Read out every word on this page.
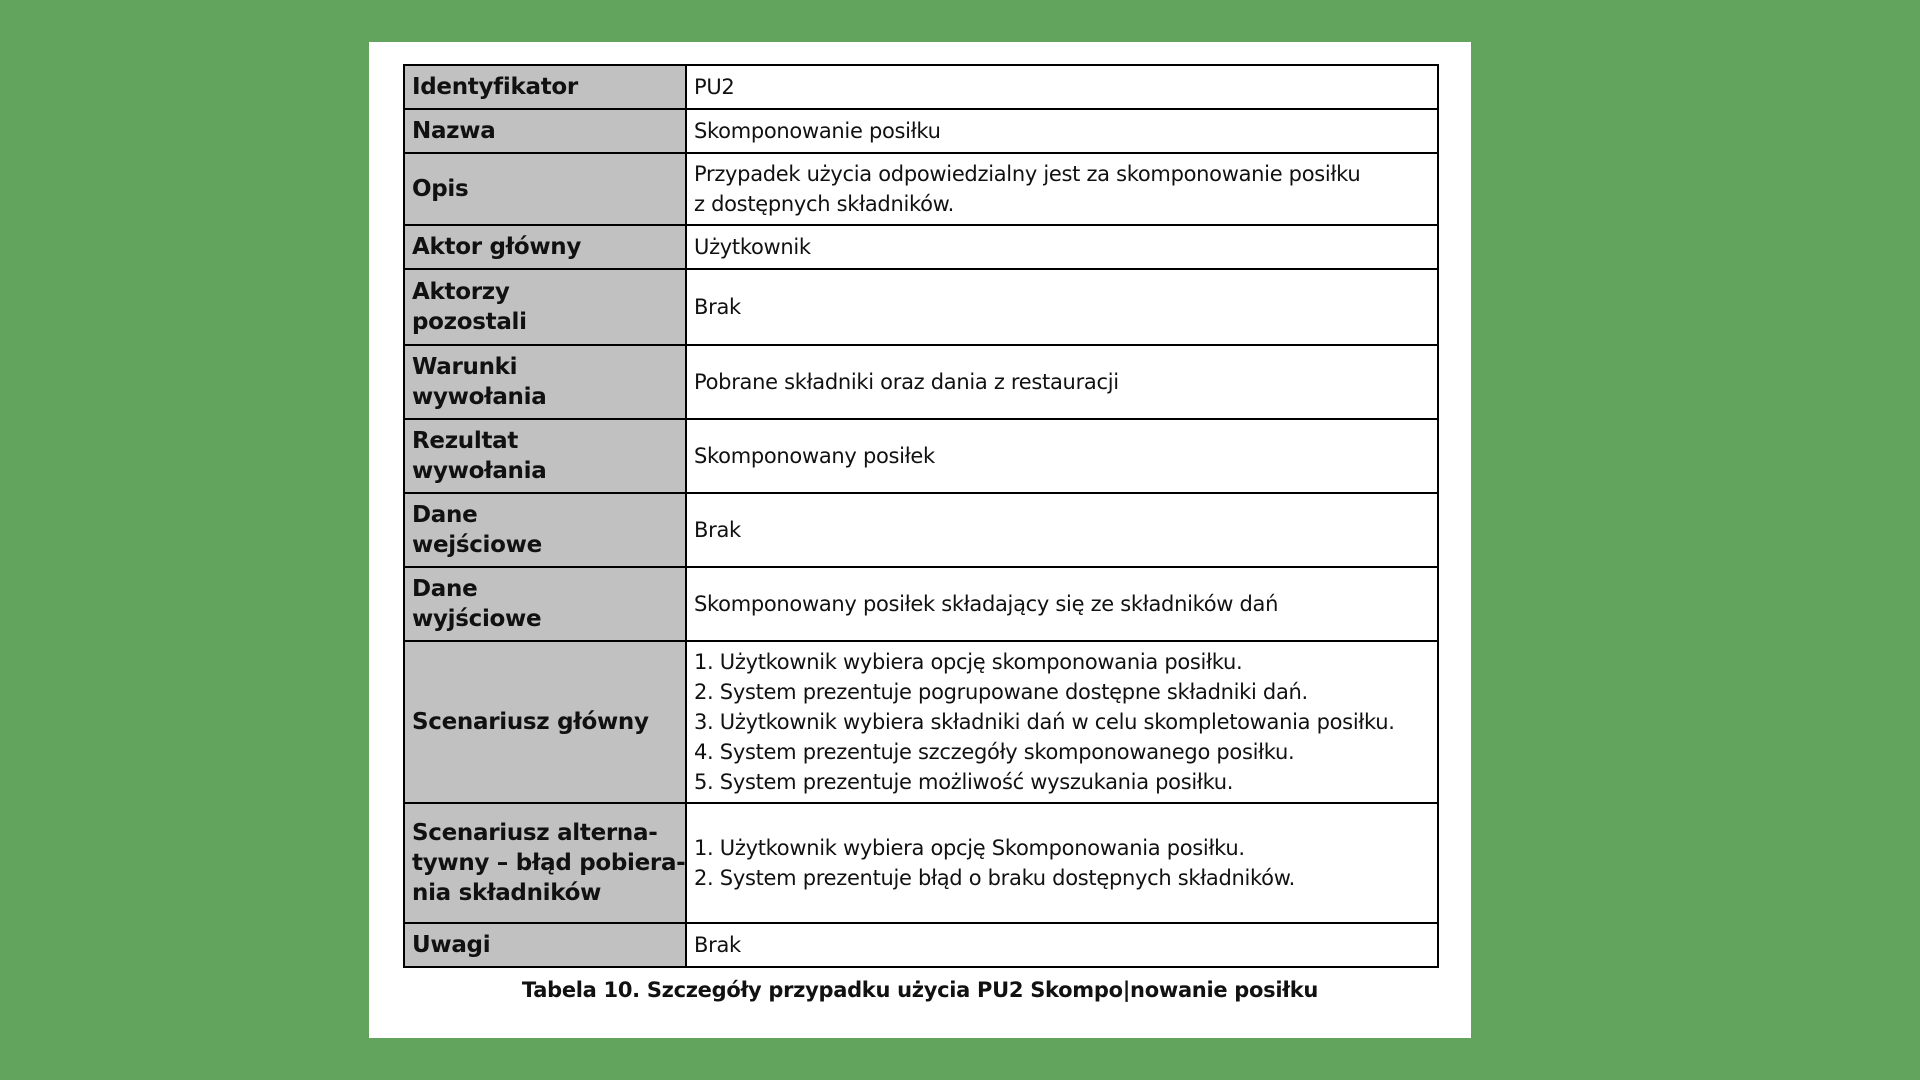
Identyfikator	PU2

Nazwa	Skomponowanie posiłku

Opis	Przypadek użycia odpowiedzialny jest za skomponowanie posiłku
z dostępnych składników.

Aktor główny	Użytkownik

Aktorzy
pozostali	Brak

Warunki
wywołania	Pobrane składniki oraz dania z restauracji

Rezultat
wywołania	Skomponowany posiłek

Dane
wejściowe	Brak

Dane
wyjściowe	Skomponowany posiłek składający się ze składników dań

Scenariusz główny	1. Użytkownik wybiera opcję skomponowania posiłku.
2. System prezentuje pogrupowane dostępne składniki dań.
3. Użytkownik wybiera składniki dań w celu skompletowania posiłku.
4. System prezentuje szczegóły skomponowanego posiłku.
5. System prezentuje możliwość wyszukania posiłku.

Scenariusz alterna-
tywny – błąd pobiera-
nia składników	1. Użytkownik wybiera opcję Skomponowania posiłku.
2. System prezentuje błąd o braku dostępnych składników.

Uwagi	Brak
Tabela 10. Szczegóły przypadku użycia PU2 Skompo|nowanie posiłku
